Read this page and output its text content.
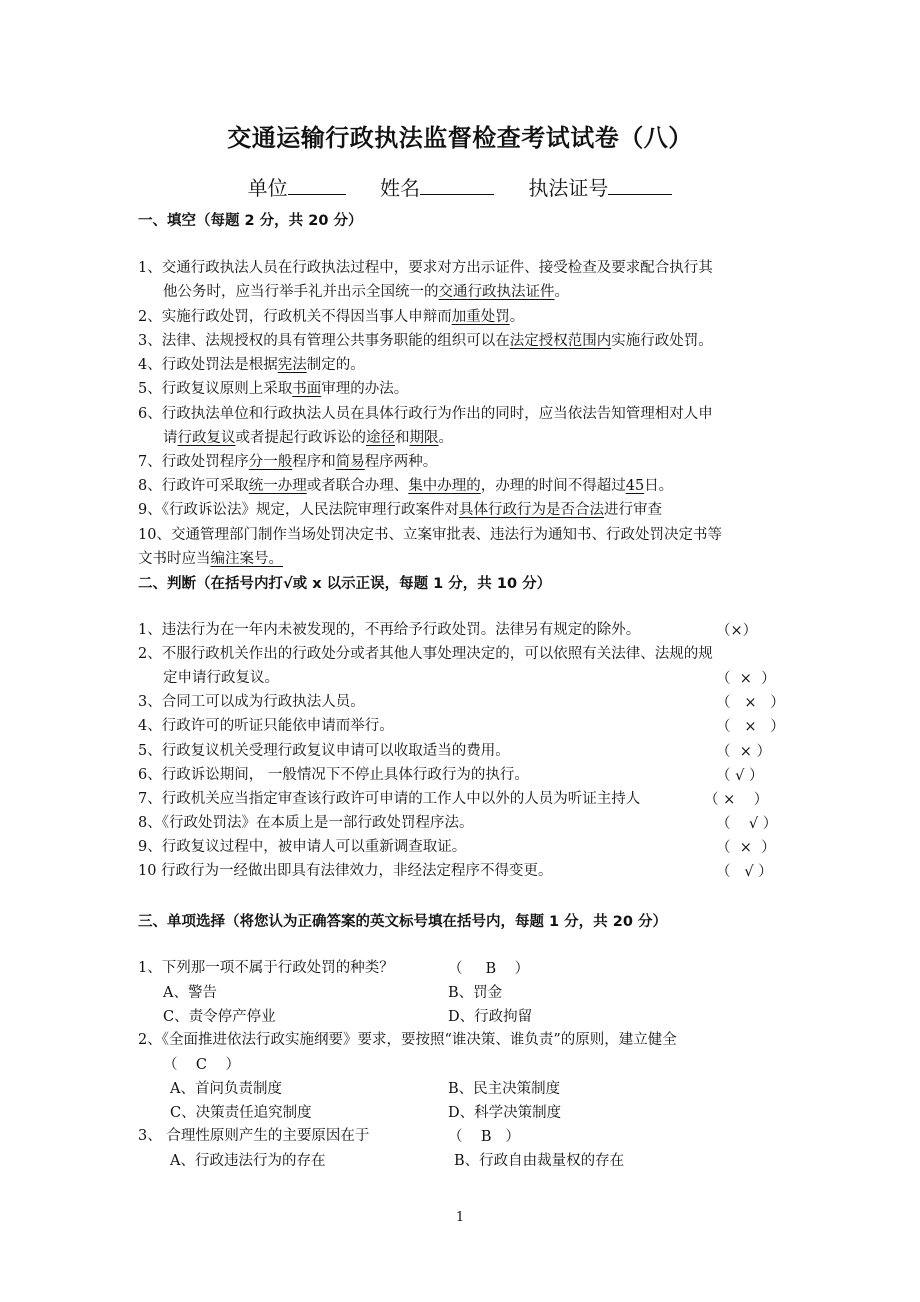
交通运输行政执法监督检查考试试卷（八）
单位	姓名	执法证号
一、填空（每题 2 分，共 20 分）
1、交通行政执法人员在行政执法过程中，要求对方出示证件、接受检查及要求配合执行其
他公务时，应当行举手礼并出示全国统一的交通行政执法证件。
2、实施行政处罚，行政机关不得因当事人申辩而加重处罚。
3、法律、法规授权的具有管理公共事务职能的组织可以在法定授权范围内实施行政处罚。
4、行政处罚法是根据宪法制定的。
5、行政复议原则上采取书面审理的办法。
6、行政执法单位和行政执法人员在具体行政行为作出的同时，应当依法告知管理相对人申
请行政复议或者提起行政诉讼的途径和期限。
7、行政处罚程序分一般程序和简易程序两种。
8、行政许可采取统一办理或者联合办理、集中办理的，办理的时间不得超过45日。
9、《行政诉讼法》规定，人民法院审理行政案件对具体行政行为是否合法进行审查
10、交通管理部门制作当场处罚决定书、立案审批表、违法行为通知书、行政处罚决定书等
文书时应当编注案号。
二、判断（在括号内打√或 x 以示正误，每题 1 分，共 10 分）
1、违法行为在一年内未被发现的，不再给予行政处罚。法律另有规定的除外。	（×）
2、不服行政机关作出的行政处分或者其他人事处理决定的，可以依照有关法律、法规的规
定申请行政复议。	（  ×  ）
3、合同工可以成为行政执法人员。	（   ×   ）
4、行政许可的听证只能依申请而举行。	（   ×   ）
5、行政复议机关受理行政复议申请可以收取适当的费用。	（  × ）
6、行政诉讼期间， 一般情况下不停止具体行政行为的执行。	（ √ ）
7、行政机关应当指定审查该行政许可申请的工作人中以外的人员为听证主持人	（ ×    ）
8、《行政处罚法》在本质上是一部行政处罚程序法。	（    √ ）
9、行政复议过程中，被申请人可以重新调查取证。	（  ×  ）
10 行政行为一经做出即具有法律效力，非经法定程序不得变更。	（   √ ）
三、单项选择（将您认为正确答案的英文标号填在括号内，每题 1 分，共 20 分）
1、下列那一项不属于行政处罚的种类？	（     B    ）
A、警告	B、罚金
C、责令停产停业	D、行政拘留
2、《全面推进依法行政实施纲要》要求，要按照“谁决策、谁负责”的原则，建立健全
（    C    ）
A、首问负责制度	B、民主决策制度
C、决策责任追究制度	D、科学决策制度
3、 合理性原则产生的主要原因在于	（    B   ）
A、行政违法行为的存在	B、行政自由裁量权的存在
1
